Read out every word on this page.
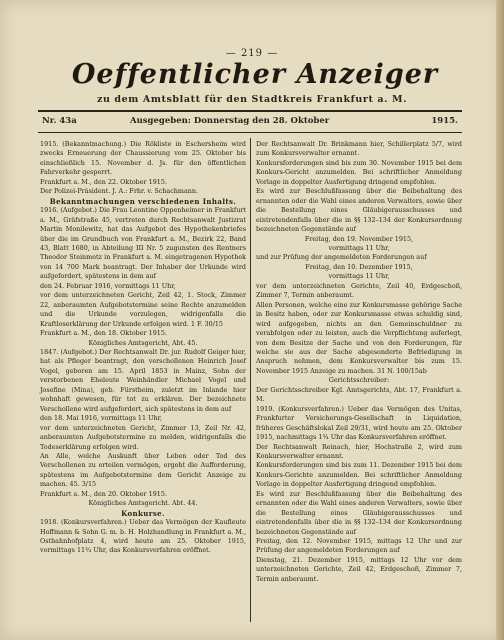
— 219 —
Oeffentlicher Anzeiger
zu dem Amtsblatt für den Stadtkreis Frankfurt a. M.
Nr. 43a	Ausgegeben: Donnerstag den 28. Oktober	1915.

1915. (Bekanntmachung.) Die Rökliste in Eschersheim wird zwecks Erneuerung der Chaussierung vom 25. Oktober bis einschließlich 15. November d. Js. für den öffentlichen Fahrverkehr gesperrt.

Frankfurt a. M., den 22. Oktober 1915.

Der Polizei-Präsident. J. A.: Frhr. v. Schachmann.

Bekanntmachungen verschiedenen Inhalts.

1916. (Aufgebot.) Die Frau Leontine Oppenheimer in Frankfurt a. M., Gräfstraße 45, vertreten durch Rechtsanwalt Justizrat Martin Monilewitz, hat das Aufgebot des Hypothekenbriefes über die im Grundbuch von Frankfurt a. M., Bezirk 22, Band 43, Blatt 1680, in Abteilung III Nr. 5 zugunsten des Rentners Theodor Steinmetz in Frankfurt a. M. eingetragenen Hypothek von 14 700 Mark beantragt. Der Inhaber der Urkunde wird aufgefordert, spätestens in dem auf

den 24. Februar 1916, vormittags 11 Uhr,

vor dem unterzeichneten Gericht, Zeil 42, 1. Stock, Zimmer 22, anberaumten Aufgebotstermine seine Rechte anzumelden und die Urkunde vorzulegen, widrigenfalls die Kraftloserklärung der Urkunde erfolgen wird. 1 F. 30/15

Frankfurt a. M., den 18. Oktober 1915.

Königliches Amtsgericht, Abt. 45.

1847. (Aufgebot.) Der Rechtsanwalt Dr. jur. Rudolf Geiger hier, hat als Pfleger beantragt, den verschollenen Heinrich Josef Vogel, geboren am 15. April 1853 in Mainz, Sohn der verstorbenen Eheleute Weinhändler Michael Vogel und Josefine (Mina), geb. Fürstheim, zuletzt im Inlande hier wohnhaft gewesen, für tot zu erklären. Der bezeichnete Verschollene wird aufgefordert, sich spätestens in dem auf

den 18. Mai 1916, vormittags 11 Uhr,

vor dem unterzeichneten Gericht, Zimmer 13, Zeil Nr. 42, anberaumten Aufgebotstermine zu melden, widrigenfalls die Todeserklärung erfolgen wird.

An Alle, welche Auskunft über Leben oder Tod des Verschollenen zu erteilen vermögen, ergeht die Aufforderung, spätestens im Aufgebotstermine dem Gericht Anzeige zu machen. 45. 3/15

Frankfurt a. M., den 20. Oktober 1915.

Königliches Amtsgericht. Abt. 44.

Konkurse.

1918. (Konkursverfahren.) Ueber das Vermögen der Kaufleute Hoffmann & Sohn G. m. b. H. Holzhandlung in Frankfurt a. M., Ostbahnhofplatz 4, wird heute am 25. Oktober 1915, vormittags 11¾ Uhr, das Konkursverfahren eröffnet.

Der Rechtsanwalt Dr. Brinkmann hier, Schillerplatz 5/7, wird zum Konkursverwalter ernannt.

Konkursforderungen sind bis zum 30. November 1915 bei dem Konkurs-Gericht anzumelden. Bei schriftlicher Anmeldung Vorlage in doppelter Ausfertigung dringend empfohlen.

Es wird zur Beschlußfassung über die Beibehaltung des ernannten oder die Wahl eines anderen Verwalters, sowie über die Bestellung eines Gläubigerausschusses und eintretendenfalls über die in §§ 132–134 der Konkursordnung bezeichneten Gegenstände auf

Freitag, den 19. November 1915,

vormittags 11 Uhr,

und zur Prüfung der angemeldeten Forderungen auf

Freitag, den 10. Dezember 1915,

vormittags 11 Uhr,

vor dem unterzeichneten Gerichte, Zeil 40, Erdgeschoß, Zimmer 7, Termin anberaumt.

Allen Personen, welche eine zur Konkursmasse gehörige Sache in Besitz haben, oder zur Konkursmasse etwas schuldig sind, wird aufgegeben, nichts an den Gemeinschuldner zu verabfolgen oder zu leisten, auch die Verpflichtung auferlegt, von dem Besitze der Sache und von den Forderungen, für welche sie aus der Sache abgesonderte Befriedigung in Anspruch nehmen, dem Konkursverwalter bis zum 15. November 1915 Anzeige zu machen. 31 N. 100/15ab

Gerichtsschreiber:

Der Gerichtsschreiber Kgl. Amtsgerichts, Abt. 17, Frankfurt a. M.

1919. (Konkursverfahren.) Ueber das Vermögen des Unitas, Frankfurter Versicherungs-Gesellschaft in Liquidation, früheres Geschäftslokal Zeil 29/31, wird heute am 25. Oktober 1915, nachmittags 1¾ Uhr das Konkursverfahren eröffnet.

Der Rechtsanwalt Reinach, hier, Hochstraße 2, wird zum Konkursverwalter ernannt.

Konkursforderungen sind bis zum 11. Dezember 1915 bei dem Konkurs-Gerichte anzumelden. Bei schriftlicher Anmeldung Vorlage in doppelter Ausfertigung dringend empfohlen.

Es wird zur Beschlußfassung über die Beibehaltung des ernannten oder die Wahl eines anderen Verwalters, sowie über die Bestellung eines Gläubigerausschusses und eintretendenfalls über die in §§ 132–134 der Konkursordnung bezeichneten Gegenstände auf

Freitag, den 12. November 1915, mittags 12 Uhr und zur Prüfung der angemeldeten Forderungen auf

Dienstag, 21. Dezember 1915, mittags 12 Uhr vor dem unterzeichneten Gerichte, Zeil 42, Erdgeschoß, Zimmer 7, Termin anberaumt.
